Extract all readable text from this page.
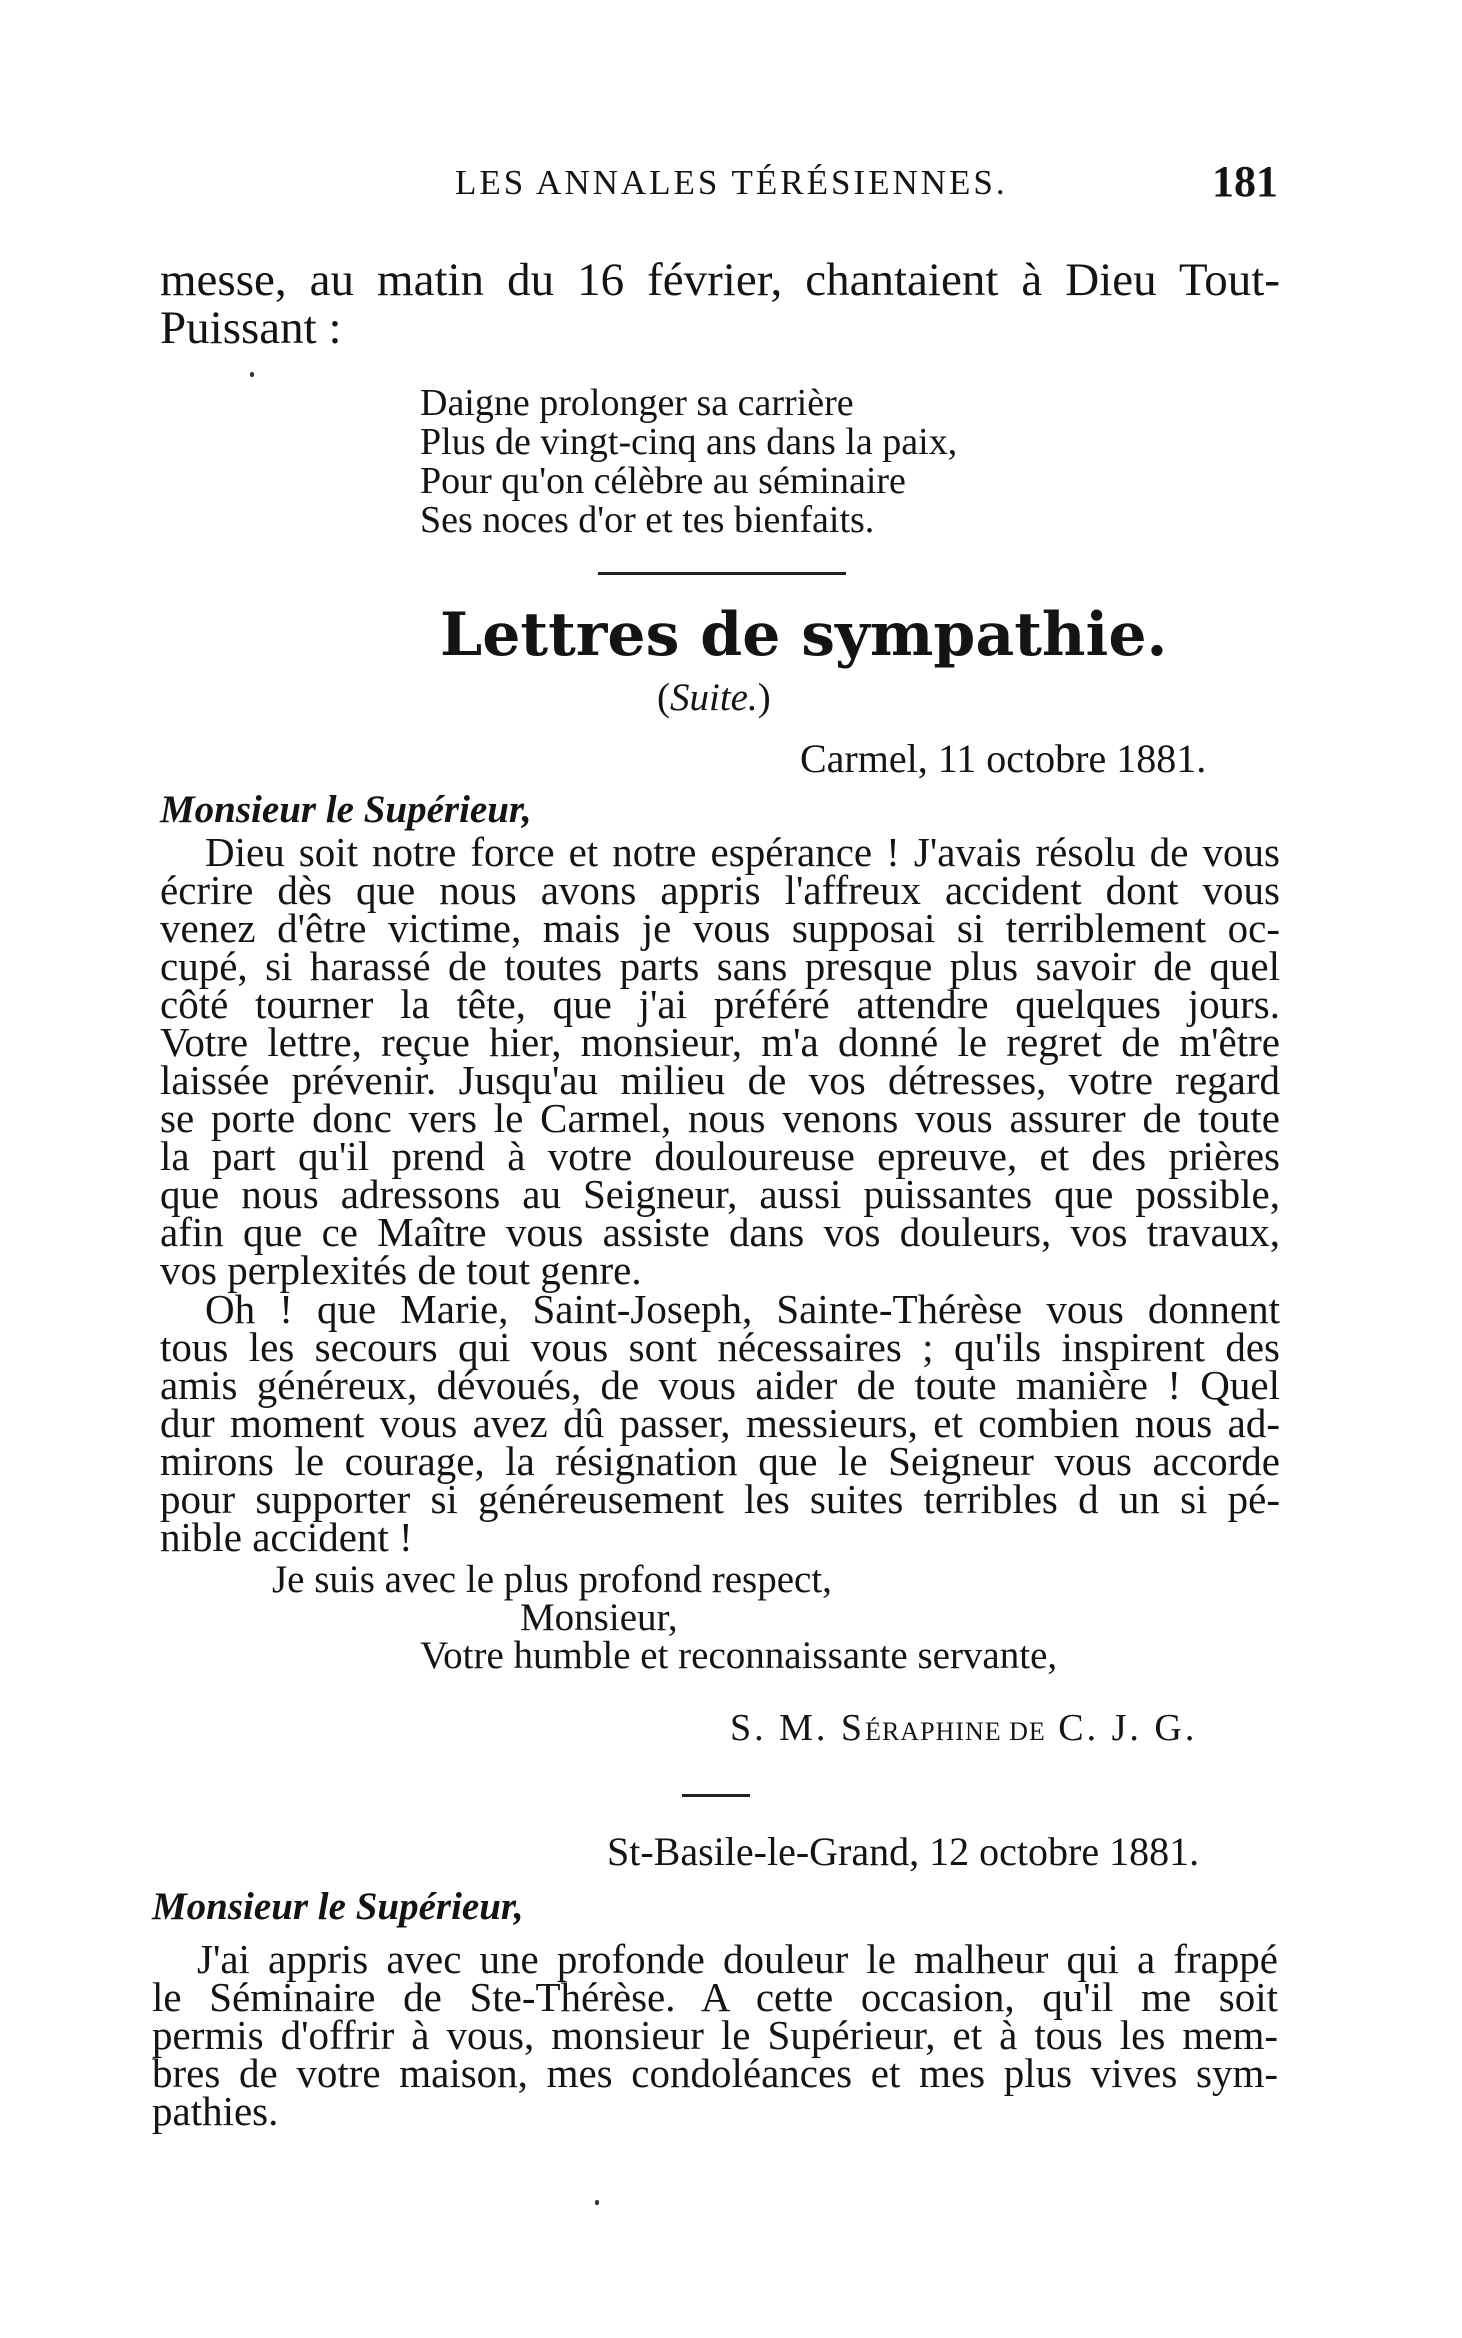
LES ANNALES TÉRÉSIENNES.	181
messe, au matin du 16 février, chantaient à Dieu Tout-
Puissant :
Daigne prolonger sa carrière
Plus de vingt-cinq ans dans la paix,
Pour qu'on célèbre au séminaire
Ses noces d'or et tes bienfaits.
Lettres de sympathie.
(Suite.)
Carmel, 11 octobre 1881.
Monsieur le Supérieur,
Dieu soit notre force et notre espérance ! J'avais résolu de vous
écrire dès que nous avons appris l'affreux accident dont vous
venez d'être victime, mais je vous supposai si terriblement oc-
cupé, si harassé de toutes parts sans presque plus savoir de quel
côté tourner la tête, que j'ai préféré attendre quelques jours.
Votre lettre, reçue hier, monsieur, m'a donné le regret de m'être
laissée prévenir. Jusqu'au milieu de vos détresses, votre regard
se porte donc vers le Carmel, nous venons vous assurer de toute
la part qu'il prend à votre douloureuse epreuve, et des prières
que nous adressons au Seigneur, aussi puissantes que possible,
afin que ce Maître vous assiste dans vos douleurs, vos travaux,
vos perplexités de tout genre.
Oh ! que Marie, Saint-Joseph, Sainte-Thérèse vous donnent
tous les secours qui vous sont nécessaires ; qu'ils inspirent des
amis généreux, dévoués, de vous aider de toute manière ! Quel
dur moment vous avez dû passer, messieurs, et combien nous ad-
mirons le courage, la résignation que le Seigneur vous accorde
pour supporter si généreusement les suites terribles d un si pé-
nible accident !
Je suis avec le plus profond respect,
Monsieur,
Votre humble et reconnaissante servante,
S. M. SÉRAPHINE DE C. J. G.
St-Basile-le-Grand, 12 octobre 1881.
Monsieur le Supérieur,
J'ai appris avec une profonde douleur le malheur qui a frappé
le Séminaire de Ste-Thérèse. A cette occasion, qu'il me soit
permis d'offrir à vous, monsieur le Supérieur, et à tous les mem-
bres de votre maison, mes condoléances et mes plus vives sym-
pathies.
